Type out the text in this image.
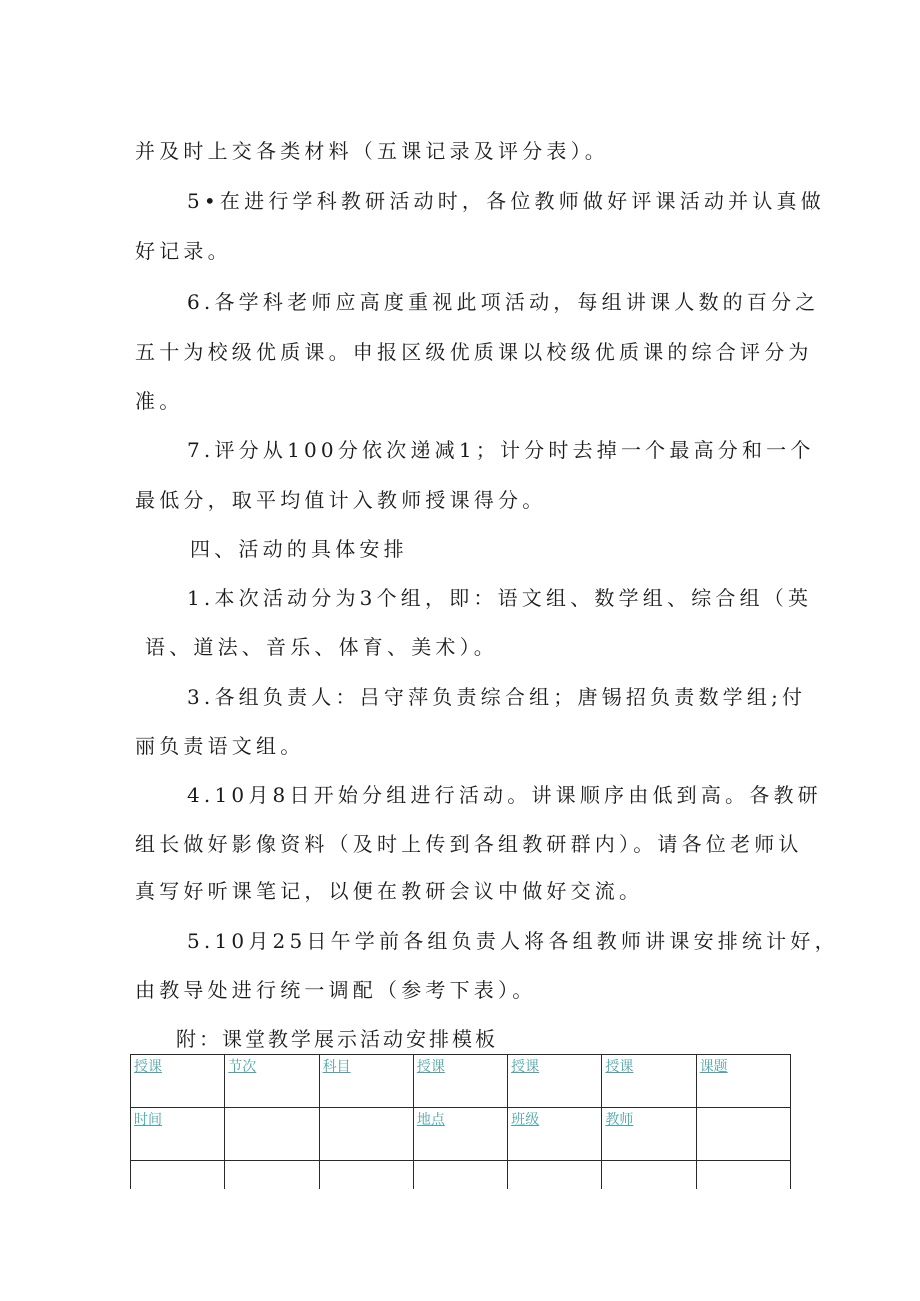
并及时上交各类材料（五课记录及评分表）。
5•在进行学科教研活动时，各位教师做好评课活动并认真做
好记录。
6.各学科老师应高度重视此项活动，每组讲课人数的百分之
五十为校级优质课。申报区级优质课以校级优质课的综合评分为
准。
7.评分从100分依次递减1；计分时去掉一个最高分和一个
最低分，取平均值计入教师授课得分。
四、活动的具体安排
1.本次活动分为3个组，即：语文组、数学组、综合组（英
语、道法、音乐、体育、美术）。
3.各组负责人：吕守萍负责综合组；唐锡招负责数学组;付
丽负责语文组。
4.10月8日开始分组进行活动。讲课顺序由低到高。各教研
组长做好影像资料（及时上传到各组教研群内）。请各位老师认
真写好听课笔记，以便在教研会议中做好交流。
5.10月25日午学前各组负责人将各组教师讲课安排统计好，
由教导处进行统一调配（参考下表）。
附：课堂教学展示活动安排模板
授课	节次	科目	授课	授课	授课	课题
时间			地点	班级	教师	
